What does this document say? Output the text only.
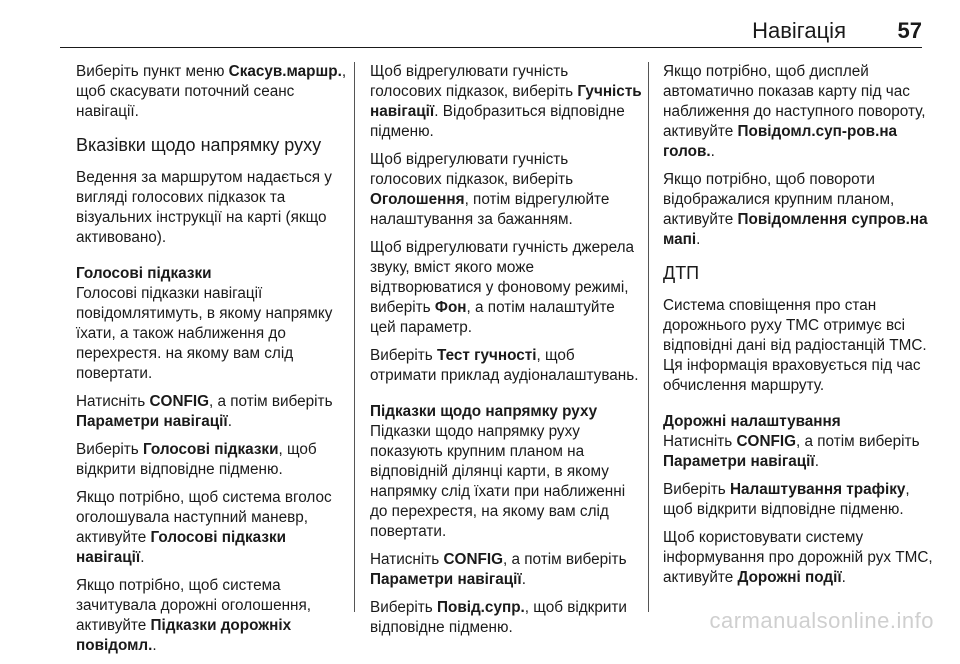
Навігація 57

Виберіть пункт меню Скасув.маршр., щоб скасувати поточний сеанс навігації.

Вказівки щодо напрямку руху

Ведення за маршрутом надається у вигляді голосових підказок та візуальних інструкції на карті (якщо активовано).

Голосові підказки

Голосові підказки навігації повідомлятимуть, в якому напрямку їхати, а також наближення до перехрестя. на якому вам слід повертати.

Натисніть CONFIG, а потім виберіть Параметри навігації.

Виберіть Голосові підказки, щоб відкрити відповідне підменю.

Якщо потрібно, щоб система вголос оголошувала наступний маневр, активуйте Голосові підказки навігації.

Якщо потрібно, щоб система зачитувала дорожні оголошення, активуйте Підказки дорожніх повідомл..

Щоб відрегулювати гучність голосових підказок, виберіть Гучність навігації. Відобразиться відповідне підменю.

Щоб відрегулювати гучність голосових підказок, виберіть Оголошення, потім відрегулюйте налаштування за бажанням.

Щоб відрегулювати гучність джерела звуку, вміст якого може відтворюватися у фоновому режимі, виберіть Фон, а потім налаштуйте цей параметр.

Виберіть Тест гучності, щоб отримати приклад аудіоналаштувань.

Підказки щодо напрямку руху

Підказки щодо напрямку руху показують крупним планом на відповідній ділянці карти, в якому напрямку слід їхати при наближенні до перехрестя, на якому вам слід повертати.

Натисніть CONFIG, а потім виберіть Параметри навігації.

Виберіть Повід.супр., щоб відкрити відповідне підменю.

Якщо потрібно, щоб дисплей автоматично показав карту під час наближення до наступного повороту, активуйте Повідомл.суп-ров.на голов..

Якщо потрібно, щоб повороти відображалися крупним планом, активуйте Повідомлення супров.на мапі.

ДТП

Система сповіщення про стан дорожнього руху TMC отримує всі відповідні дані від радіостанцій TMC. Ця інформація враховується під час обчислення маршруту.

Дорожні налаштування

Натисніть CONFIG, а потім виберіть Параметри навігації.

Виберіть Налаштування трафіку, щоб відкрити відповідне підменю.

Щоб користовувати систему інформування про дорожній рух TMC, активуйте Дорожні події.

carmanualsonline.info
